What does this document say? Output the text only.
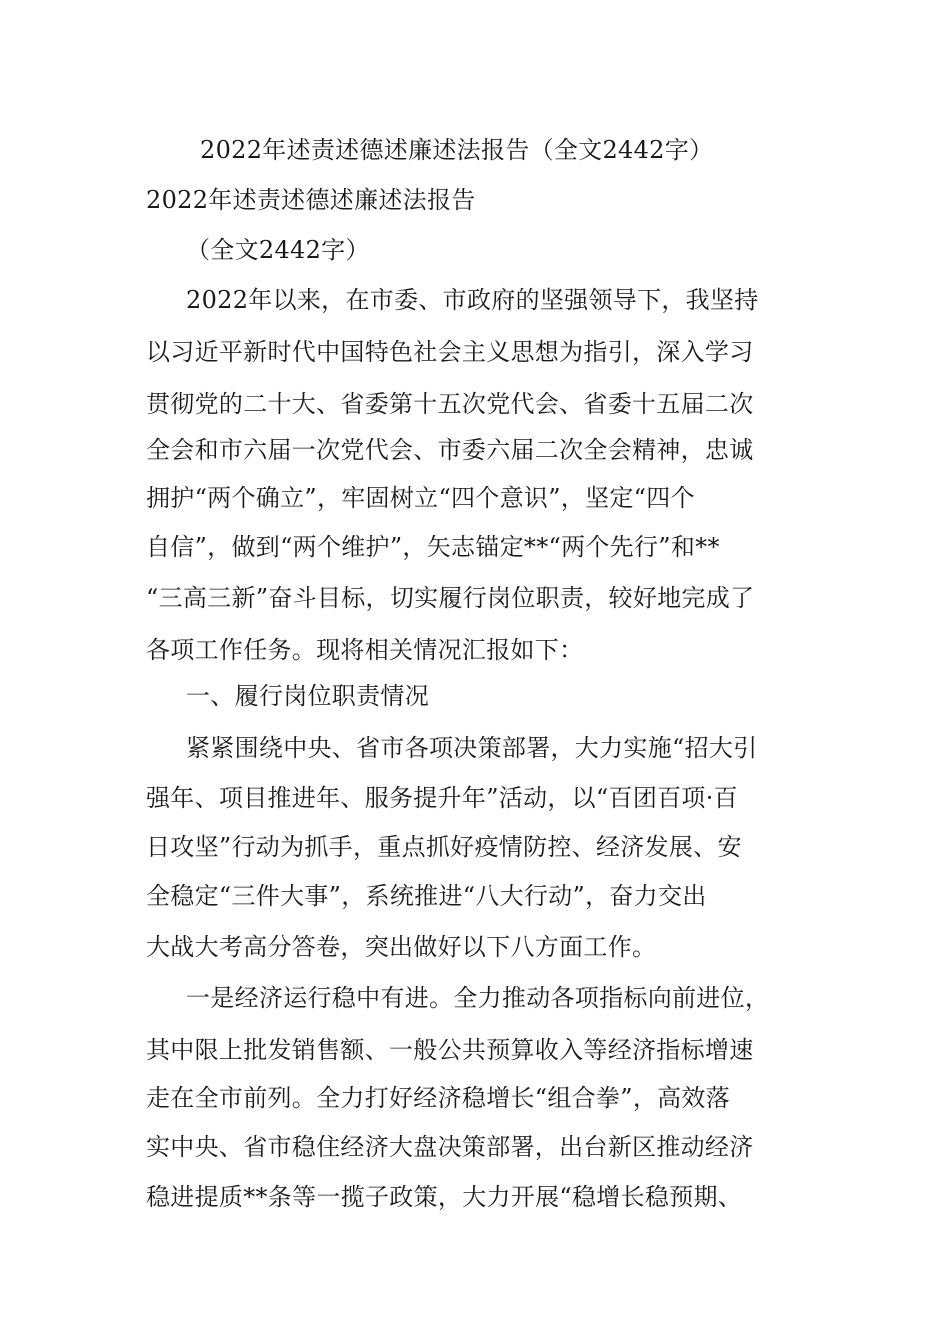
2022年述责述德述廉述法报告（全文2442字）
2022年述责述德述廉述法报告
（全文2442字）
2022年以来，在市委、市政府的坚强领导下，我坚持
以习近平新时代中国特色社会主义思想为指引，深入学习
贯彻党的二十大、省委第十五次党代会、省委十五届二次
全会和市六届一次党代会、市委六届二次全会精神，忠诚
拥护“两个确立”，牢固树立“四个意识”，坚定“四个
自信”，做到“两个维护”，矢志锚定**“两个先行”和**
“三高三新”奋斗目标，切实履行岗位职责，较好地完成了
各项工作任务。现将相关情况汇报如下：
一、履行岗位职责情况
紧紧围绕中央、省市各项决策部署，大力实施“招大引
强年、项目推进年、服务提升年”活动，以“百团百项·百
日攻坚”行动为抓手，重点抓好疫情防控、经济发展、安
全稳定“三件大事”，系统推进“八大行动”，奋力交出
大战大考高分答卷，突出做好以下八方面工作。
一是经济运行稳中有进。全力推动各项指标向前进位，
其中限上批发销售额、一般公共预算收入等经济指标增速
走在全市前列。全力打好经济稳增长“组合拳”，高效落
实中央、省市稳住经济大盘决策部署，出台新区推动经济
稳进提质**条等一揽子政策，大力开展“稳增长稳预期、
